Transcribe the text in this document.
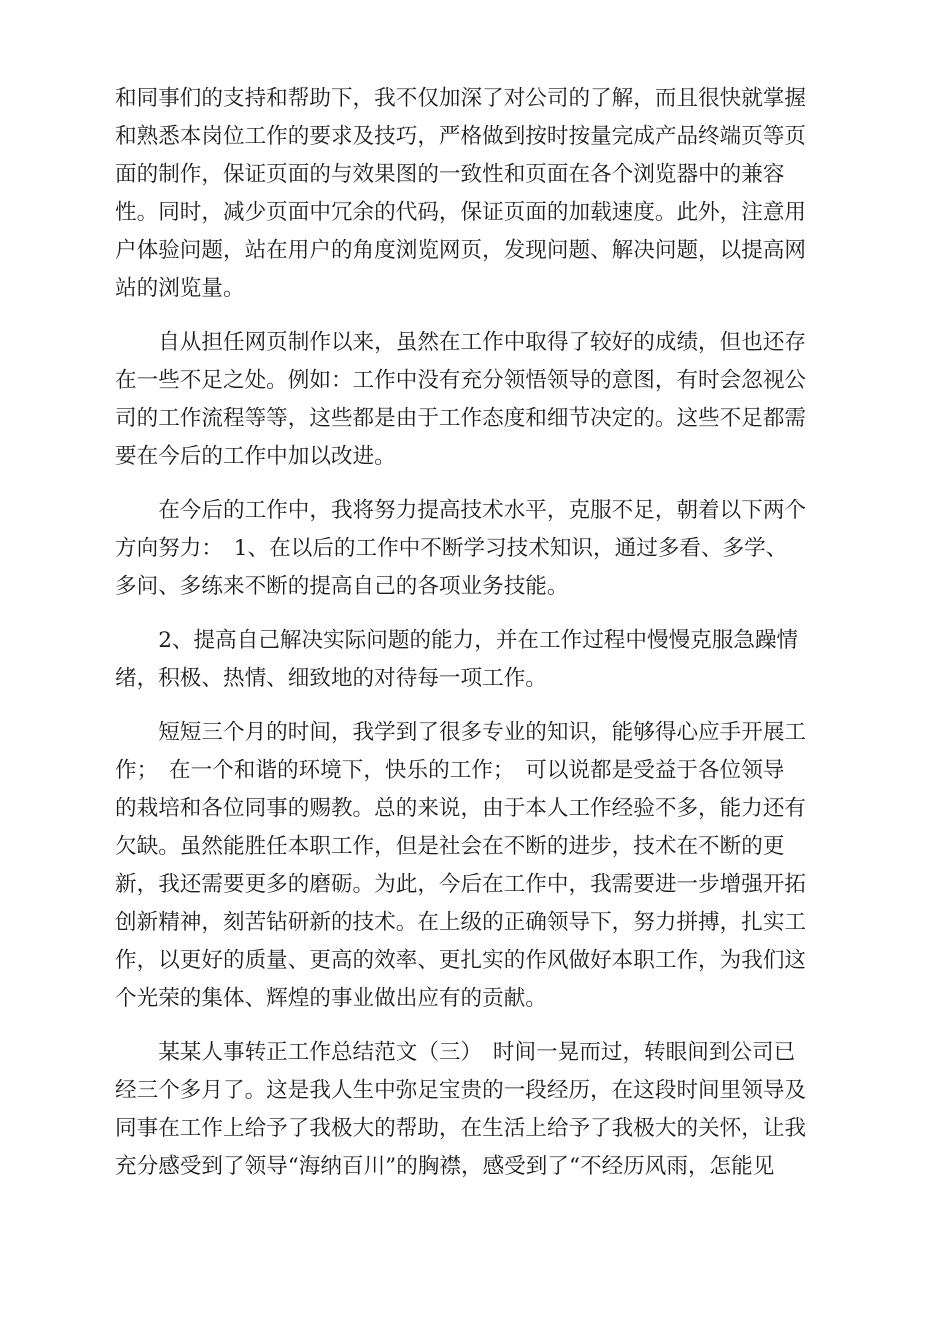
和同事们的支持和帮助下，我不仅加深了对公司的了解，而且很快就掌握
和熟悉本岗位工作的要求及技巧，严格做到按时按量完成产品终端页等页
面的制作，保证页面的与效果图的一致性和页面在各个浏览器中的兼容
性。同时，减少页面中冗余的代码，保证页面的加载速度。此外，注意用
户体验问题，站在用户的角度浏览网页，发现问题、解决问题，以提高网
站的浏览量。
　　自从担任网页制作以来，虽然在工作中取得了较好的成绩，但也还存
在一些不足之处。例如：工作中没有充分领悟领导的意图，有时会忽视公
司的工作流程等等，这些都是由于工作态度和细节决定的。这些不足都需
要在今后的工作中加以改进。
　　在今后的工作中，我将努力提高技术水平，克服不足，朝着以下两个
方向努力：　1、在以后的工作中不断学习技术知识，通过多看、多学、
多问、多练来不断的提高自己的各项业务技能。
　　2、提高自己解决实际问题的能力，并在工作过程中慢慢克服急躁情
绪，积极、热情、细致地的对待每一项工作。
　　短短三个月的时间，我学到了很多专业的知识，能够得心应手开展工
作；　在一个和谐的环境下，快乐的工作；　可以说都是受益于各位领导
的栽培和各位同事的赐教。总的来说，由于本人工作经验不多，能力还有
欠缺。虽然能胜任本职工作，但是社会在不断的进步，技术在不断的更
新，我还需要更多的磨砺。为此，今后在工作中，我需要进一步增强开拓
创新精神，刻苦钻研新的技术。在上级的正确领导下，努力拼搏，扎实工
作，以更好的质量、更高的效率、更扎实的作风做好本职工作，为我们这
个光荣的集体、辉煌的事业做出应有的贡献。
　　某某人事转正工作总结范文（三）　时间一晃而过，转眼间到公司已
经三个多月了。这是我人生中弥足宝贵的一段经历，在这段时间里领导及
同事在工作上给予了我极大的帮助，在生活上给予了我极大的关怀，让我
充分感受到了领导“海纳百川”的胸襟，感受到了“不经历风雨，怎能见
